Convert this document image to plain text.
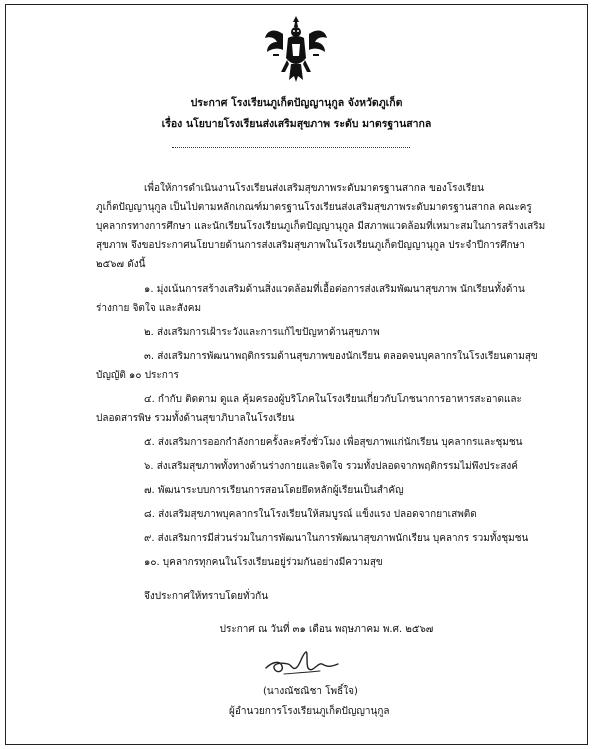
ประกาศ โรงเรียนภูเก็ตปัญญานุกูล จังหวัดภูเก็ต
เรื่อง นโยบายโรงเรียนส่งเสริมสุขภาพ ระดับ มาตรฐานสากล
เพื่อให้การดำเนินงานโรงเรียนส่งเสริมสุขภาพระดับมาตรฐานสากล ของโรงเรียน
ภูเก็ตปัญญานุกูล เป็นไปตามหลักเกณฑ์มาตรฐานโรงเรียนส่งเสริมสุขภาพระดับมาตรฐานสากล คณะครู
บุคลากรทางการศึกษา และนักเรียนโรงเรียนภูเก็ตปัญญานุกูล มีสภาพแวดล้อมที่เหมาะสมในการสร้างเสริม
สุขภาพ จึงขอประกาศนโยบายด้านการส่งเสริมสุขภาพในโรงเรียนภูเก็ตปัญญานุกูล ประจำปีการศึกษา
๒๕๖๗ ดังนี้
๑. มุ่งเน้นการสร้างเสริมด้านสิ่งแวดล้อมที่เอื้อต่อการส่งเสริมพัฒนาสุขภาพ นักเรียนทั้งด้าน
ร่างกาย จิตใจ และสังคม
๒. ส่งเสริมการเฝ้าระวังและการแก้ไขปัญหาด้านสุขภาพ
๓. ส่งเสริมการพัฒนาพฤติกรรมด้านสุขภาพของนักเรียน ตลอดจนบุคลากรในโรงเรียนตามสุข
บัญญัติ ๑๐ ประการ
๔. กำกับ ติดตาม ดูแล คุ้มครองผู้บริโภคในโรงเรียนเกี่ยวกับโภชนาการอาหารสะอาดและ
ปลอดสารพิษ รวมทั้งด้านสุขาภิบาลในโรงเรียน
๕. ส่งเสริมการออกกำลังกายครั้งละครึ่งชั่วโมง เพื่อสุขภาพแก่นักเรียน บุคลากรและชุมชน
๖. ส่งเสริมสุขภาพทั้งทางด้านร่างกายและจิตใจ รวมทั้งปลอดจากพฤติกรรมไม่พึงประสงค์
๗. พัฒนาระบบการเรียนการสอนโดยยึดหลักผู้เรียนเป็นสำคัญ
๘. ส่งเสริมสุขภาพบุคลากรในโรงเรียนให้สมบูรณ์ แข็งแรง ปลอดจากยาเสพติด
๙. ส่งเสริมการมีส่วนร่วมในการพัฒนาในการพัฒนาสุขภาพนักเรียน บุคลากร รวมทั้งชุมชน
๑๐. บุคลากรทุกคนในโรงเรียนอยู่ร่วมกันอย่างมีความสุข
จึงประกาศให้ทราบโดยทั่วกัน
ประกาศ ณ วันที่ ๓๑ เดือน พฤษภาคม พ.ศ. ๒๕๖๗
(นางณัชณิชา โพธิ์ใจ)
ผู้อำนวยการโรงเรียนภูเก็ตปัญญานุกูล
